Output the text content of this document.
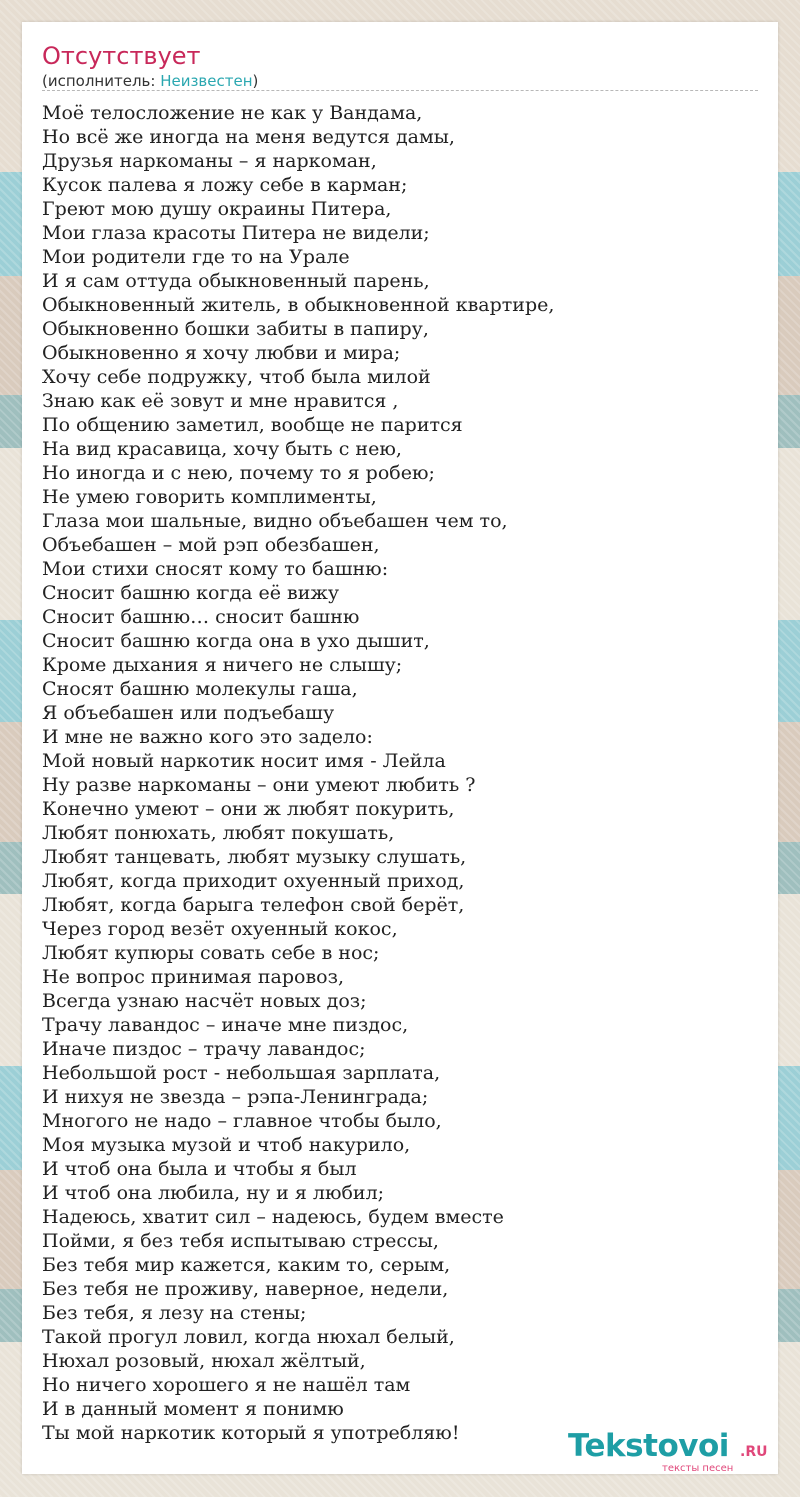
Отсутствует
(исполнитель: Неизвестен)
Моё телосложение не как у Вандама,
Но всё же иногда на меня ведутся дамы,
Друзья наркоманы – я наркоман,
Кусок палева я ложу себе в карман;
Греют мою душу окраины Питера,
Мои глаза красоты Питера не видели;
Мои родители где то на Урале
И я сам оттуда обыкновенный парень,
Обыкновенный житель, в обыкновенной квартире,
Обыкновенно бошки забиты в папиру,
Обыкновенно я хочу любви и мира;
Хочу себе подружку, чтоб была милой
Знаю как её зовут и мне нравится ,
По общению заметил, вообще не парится
На вид красавица, хочу быть с нею,
Но иногда и с нею, почему то я робею;
Не умею говорить комплименты,
Глаза мои шальные, видно объебашен чем то,
Объебашен – мой рэп обезбашен,
Мои стихи сносят кому то башню:
Сносит башню когда её вижу
Сносит башню… сносит башню
Сносит башню когда она в ухо дышит,
Кроме дыхания я ничего не слышу;
Сносят башню молекулы гаша,
Я объебашен или подъебашу
И мне не важно кого это задело:
Мой новый наркотик носит имя - Лейла
Ну разве наркоманы – они умеют любить ?
Конечно умеют – они ж любят покурить,
Любят понюхать, любят покушать,
Любят танцевать, любят музыку слушать,
Любят, когда приходит охуенный приход,
Любят, когда барыга телефон свой берёт,
Через город везёт охуенный кокос,
Любят купюры совать себе в нос;
Не вопрос принимая паровоз,
Всегда узнаю насчёт новых доз;
Трачу лавандос – иначе мне пиздос,
Иначе пиздос – трачу лавандос;
Небольшой рост - небольшая зарплата,
И нихуя не звезда – рэпа-Ленинграда;
Многого не надо – главное чтобы было,
Моя музыка музой и чтоб накурило,
И чтоб она была и чтобы я был
И чтоб она любила, ну и я любил;
Надеюсь, хватит сил – надеюсь, будем вместе
Пойми, я без тебя испытываю стрессы,
Без тебя мир кажется, каким то, серым,
Без тебя не проживу, наверное, недели,
Без тебя, я лезу на стены;
Такой прогул ловил, когда нюхал белый,
Нюхал розовый, нюхал жёлтый,
Но ничего хорошего я не нашёл там
И в данный момент я понимю
Ты мой наркотик который я употребляю!	Tekstovoi .RU
тексты песен
